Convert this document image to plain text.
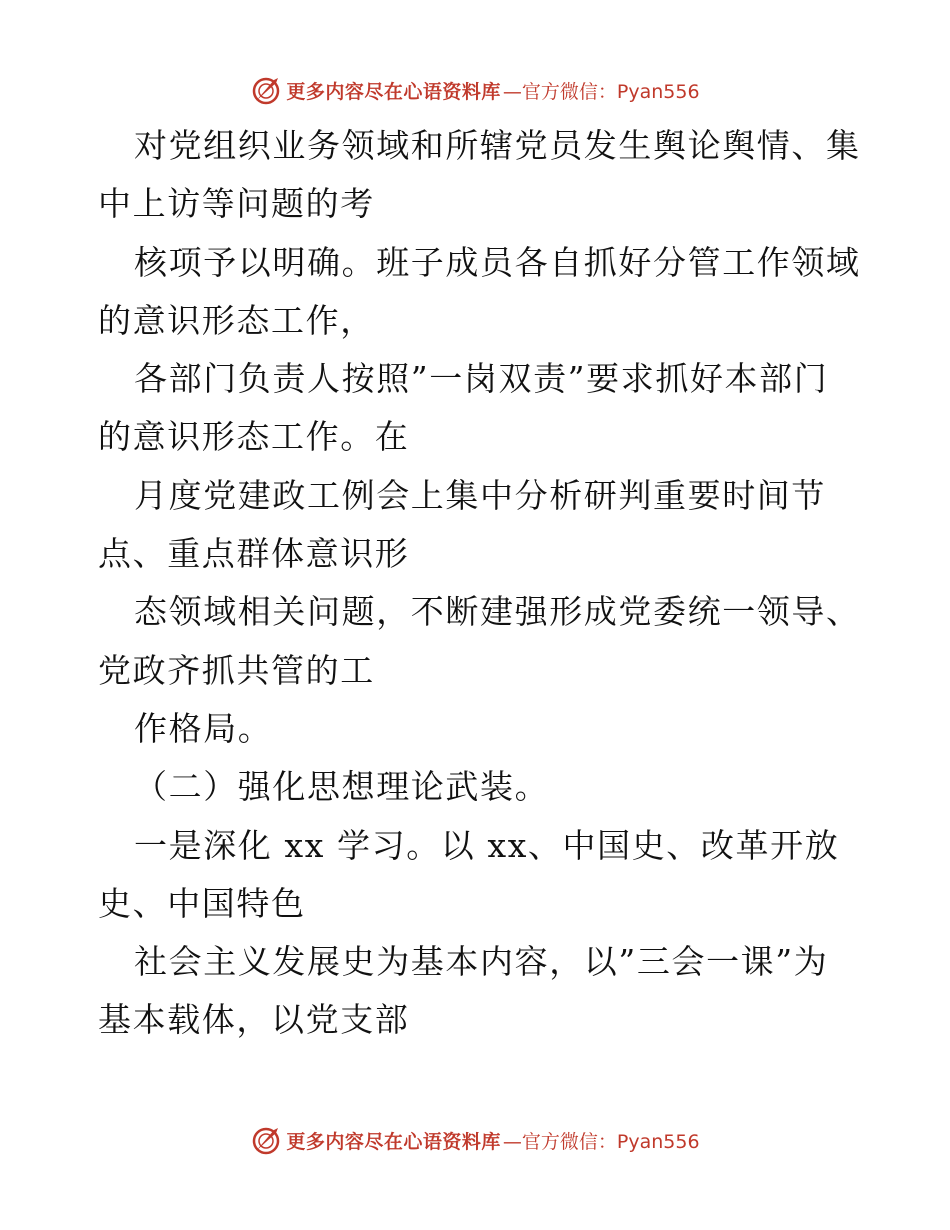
更多内容尽在心语资料库 —官方微信：Pyan556
对党组织业务领域和所辖党员发生舆论舆情、集
中上访等问题的考
核项予以明确。班子成员各自抓好分管工作领域
的意识形态工作，
各部门负责人按照”一岗双责”要求抓好本部门
的意识形态工作。在
月度党建政工例会上集中分析研判重要时间节
点、重点群体意识形
态领域相关问题，不断建强形成党委统一领导、
党政齐抓共管的工
作格局。
（二）强化思想理论武装。
一是深化 xx 学习。以 xx、中国史、改革开放
史、中国特色
社会主义发展史为基本内容，以”三会一课”为
基本载体，以党支部
更多内容尽在心语资料库 —官方微信：Pyan556
